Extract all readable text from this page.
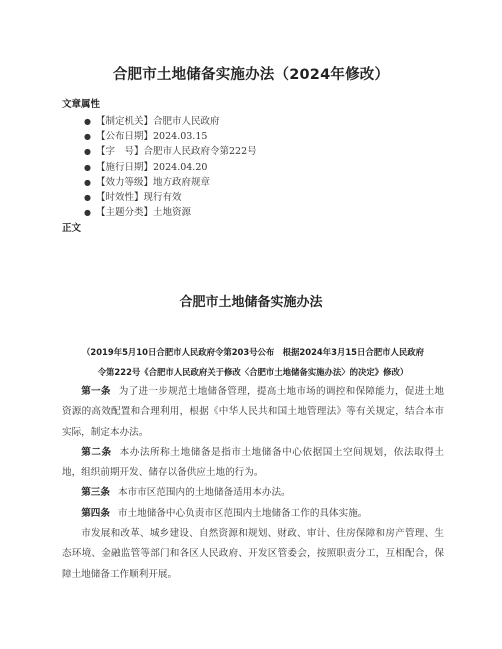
合肥市土地储备实施办法（2024年修改）
文章属性
● 【制定机关】合肥市人民政府
● 【公布日期】2024.03.15
● 【字　号】合肥市人民政府令第222号
● 【施行日期】2024.04.20
● 【效力等级】地方政府规章
● 【时效性】现行有效
● 【主题分类】土地资源
正文
合肥市土地储备实施办法
（2019年5月10日合肥市人民政府令第203号公布　根据2024年3月15日合肥市人民政府
令第222号《合肥市人民政府关于修改〈合肥市土地储备实施办法〉的决定》修改）

第一条 为了进一步规范土地储备管理，提高土地市场的调控和保障能力，促进土地资源的高效配置和合理利用，根据《中华人民共和国土地管理法》等有关规定，结合本市实际，制定本办法。

第二条 本办法所称土地储备是指市土地储备中心依据国土空间规划，依法取得土地，组织前期开发、储存以备供应土地的行为。

第三条 本市市区范围内的土地储备适用本办法。

第四条 市土地储备中心负责市区范围内土地储备工作的具体实施。

市发展和改革、城乡建设、自然资源和规划、财政、审计、住房保障和房产管理、生态环境、金融监管等部门和各区人民政府、开发区管委会，按照职责分工，互相配合，保障土地储备工作顺利开展。
